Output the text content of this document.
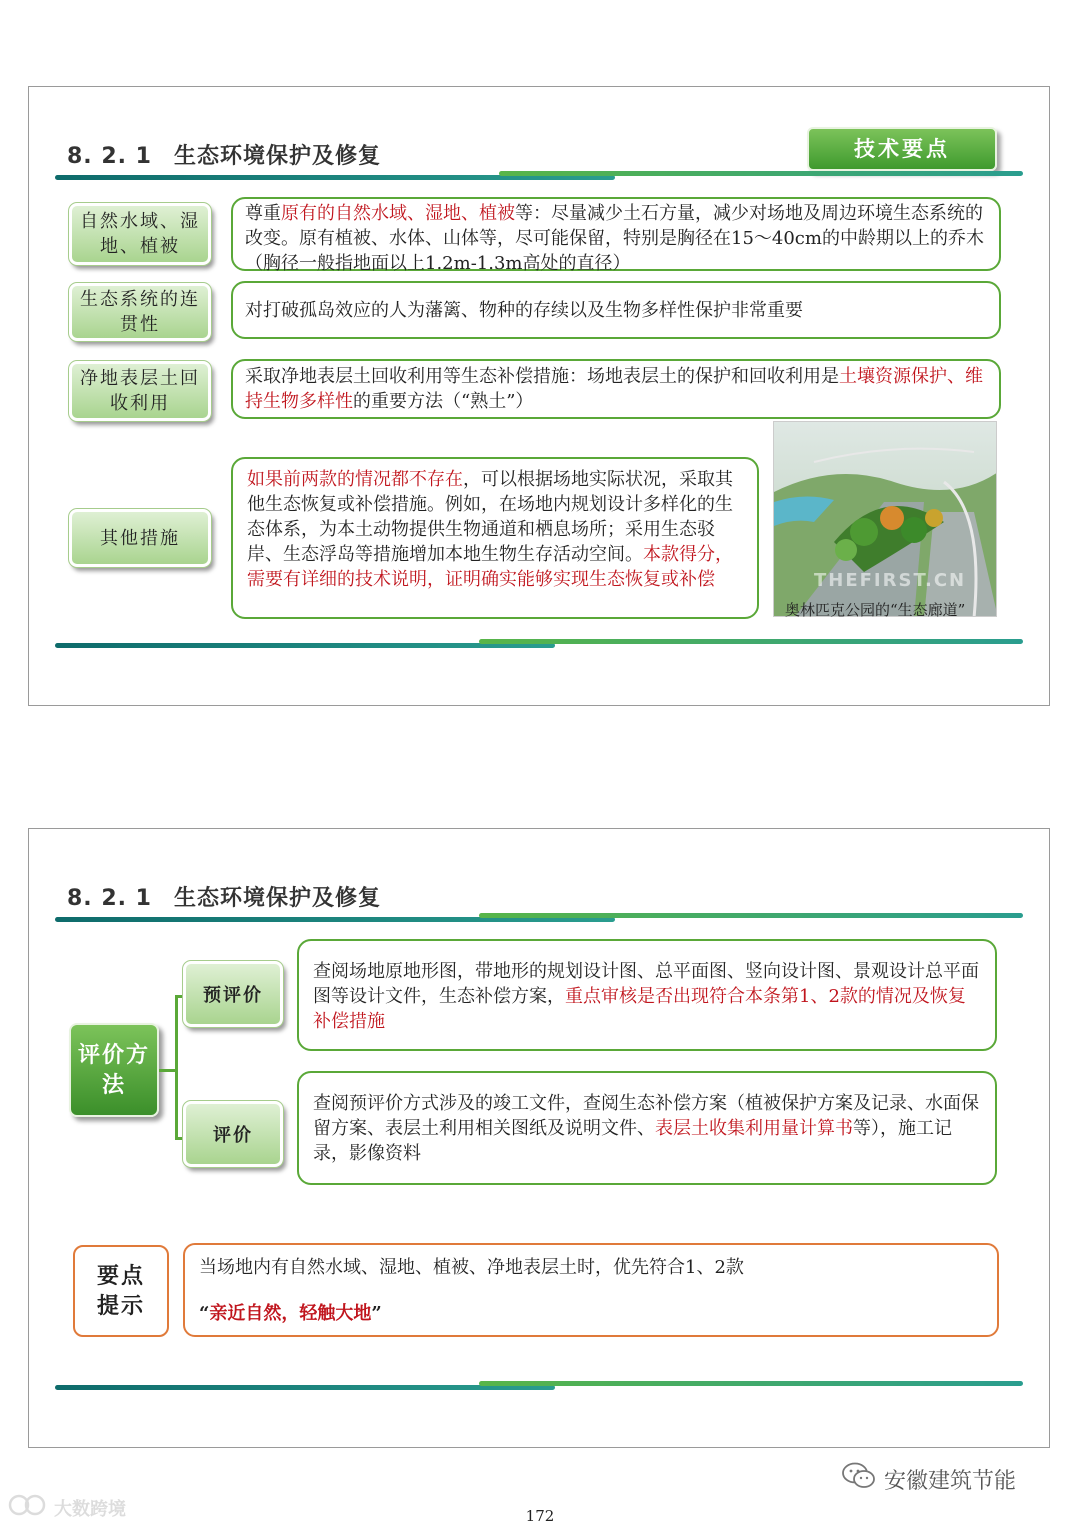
8. 2. 1 生态环境保护及修复	技术要点
自然水域、湿地、植被
尊重原有的自然水域、湿地、植被等：尽量减少土石方量，减少对场地及周边环境生态系统的改变。原有植被、水体、山体等，尽可能保留，特别是胸径在15～40cm的中龄期以上的乔木（胸径一般指地面以上1.2m-1.3m高处的直径）
生态系统的连贯性
对打破孤岛效应的人为藩篱、物种的存续以及生物多样性保护非常重要
净地表层土回收利用
采取净地表层土回收利用等生态补偿措施：场地表层土的保护和回收利用是土壤资源保护、维持生物多样性的重要方法（“熟土”）
其他措施
如果前两款的情况都不存在，可以根据场地实际状况，采取其他生态恢复或补偿措施。例如，在场地内规划设计多样化的生态体系，为本土动物提供生物通道和栖息场所；采用生态驳岸、生态浮岛等措施增加本地生物生存活动空间。本款得分，需要有详细的技术说明，证明确实能够实现生态恢复或补偿	THEFIRST.CN
奥林匹克公园的“生态廊道”
8. 2. 1 生态环境保护及修复
评价方法
预评价
查阅场地原地形图，带地形的规划设计图、总平面图、竖向设计图、景观设计总平面图等设计文件，生态补偿方案，重点审核是否出现符合本条第1、2款的情况及恢复补偿措施
评价
查阅预评价方式涉及的竣工文件，查阅生态补偿方案（植被保护方案及记录、水面保留方案、表层土利用相关图纸及说明文件、表层土收集利用量计算书等），施工记录，影像资料
要点提示
当场地内有自然水域、湿地、植被、净地表层土时，优先符合1、2款
“亲近自然，轻触大地”
安徽建筑节能
大数跨境	172
